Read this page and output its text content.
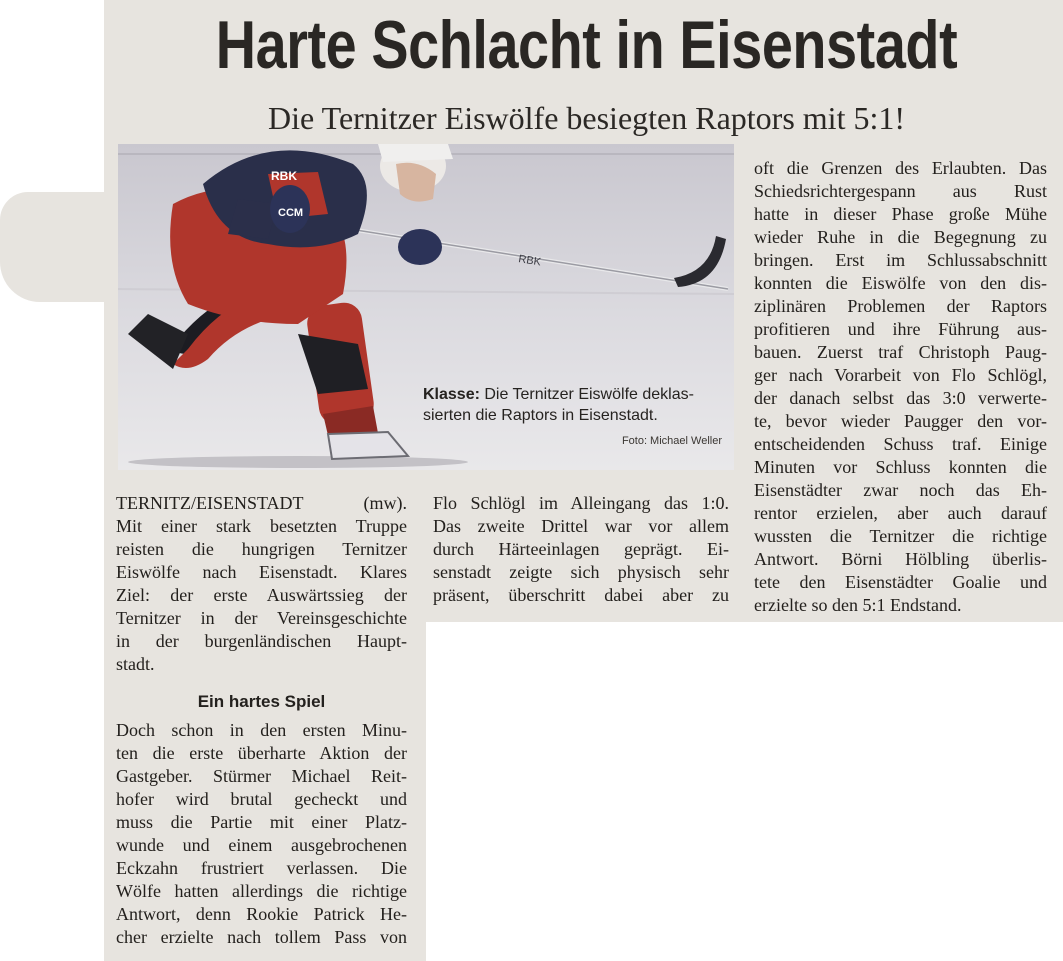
Harte Schlacht in Eisenstadt
Die Ternitzer Eiswölfe besiegten Raptors mit 5:1!
RBK
CCM
RBK
Klasse: Die Ternitzer Eiswölfe deklas-
sierten die Raptors in Eisenstadt.
Foto: Michael Weller
TERNITZ/EISENSTADT (mw).
Mit einer stark besetzten Truppe
reisten die hungrigen Ternitzer
Eiswölfe nach Eisenstadt. Klares
Ziel: der erste Auswärtssieg der
Ternitzer in der Vereinsgeschichte
in der burgenländischen Haupt-
stadt.
Ein hartes Spiel
Doch schon in den ersten Minu-
ten die erste überharte Aktion der
Gastgeber. Stürmer Michael Reit-
hofer wird brutal gecheckt und
muss die Partie mit einer Platz-
wunde und einem ausgebrochenen
Eckzahn frustriert verlassen. Die
Wölfe hatten allerdings die richtige
Antwort, denn Rookie Patrick He-
cher erzielte nach tollem Pass von
Flo Schlögl im Alleingang das 1:0.
Das zweite Drittel war vor allem
durch Härteeinlagen geprägt. Ei-
senstadt zeigte sich physisch sehr
präsent, überschritt dabei aber zu
oft die Grenzen des Erlaubten. Das
Schiedsrichtergespann aus Rust
hatte in dieser Phase große Mühe
wieder Ruhe in die Begegnung zu
bringen. Erst im Schlussabschnitt
konnten die Eiswölfe von den dis-
ziplinären Problemen der Raptors
profitieren und ihre Führung aus-
bauen. Zuerst traf Christoph Paug-
ger nach Vorarbeit von Flo Schlögl,
der danach selbst das 3:0 verwerte-
te, bevor wieder Paugger den vor-
entscheidenden Schuss traf. Einige
Minuten vor Schluss konnten die
Eisenstädter zwar noch das Eh-
rentor erzielen, aber auch darauf
wussten die Ternitzer die richtige
Antwort. Börni Hölbling überlis-
tete den Eisenstädter Goalie und
erzielte so den 5:1 Endstand.
